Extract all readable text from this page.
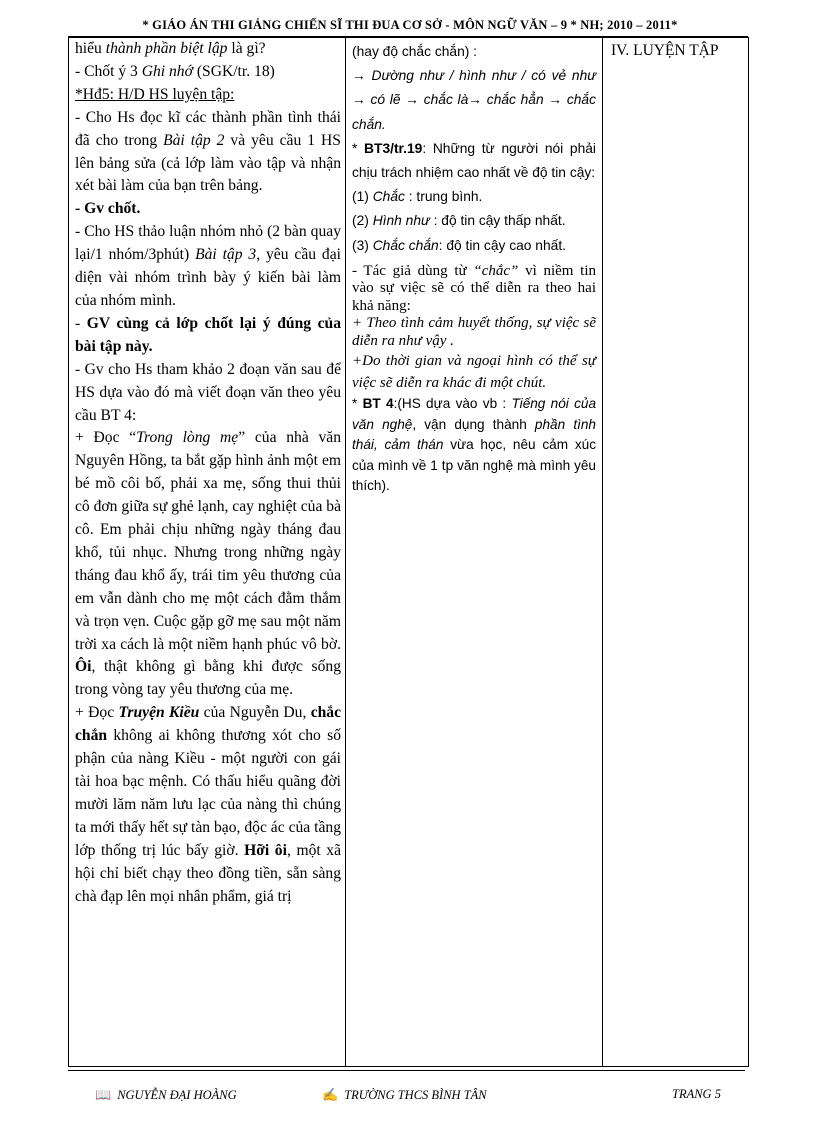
* GIÁO ÁN THI GIẢNG CHIẾN SĨ THI ĐUA CƠ SỞ - MÔN NGỮ VĂN – 9 * NH; 2010 – 2011*

hiểu thành phần biệt lập là gì?

- Chốt ý 3 Ghi nhớ (SGK/tr. 18)

*Hđ5: H/D HS luyện tập:

- Cho Hs đọc kĩ các thành phần tình thái đã cho trong Bài tập 2 và yêu cầu 1 HS lên bảng sửa (cả lớp làm vào tập và nhận xét bài làm của bạn trên bảng.

- Gv chốt.

- Cho HS thảo luận nhóm nhỏ (2 bàn quay lại/1 nhóm/3phút) Bài tập 3, yêu cầu đại diện vài nhóm trình bày ý kiến bài làm của nhóm mình.

- GV cùng cả lớp chốt lại ý đúng của bài tập này.

- Gv cho Hs tham khảo 2 đoạn văn sau để HS dựa vào đó mà viết đoạn văn theo yêu cầu BT 4:

+ Đọc “Trong lòng mẹ” của nhà văn Nguyên Hồng, ta bắt gặp hình ảnh một em bé mồ côi bố, phải xa mẹ, sống thui thủi cô đơn giữa sự ghẻ lạnh, cay nghiệt của bà cô. Em phải chịu những ngày tháng đau khổ, tủi nhục. Nhưng trong những ngày tháng đau khổ ấy, trái tim yêu thương của em vẫn dành cho mẹ một cách đằm thắm và trọn vẹn. Cuộc gặp gỡ mẹ sau một năm trời xa cách là một niềm hạnh phúc vô bờ. Ôi, thật không gì bằng khi được sống trong vòng tay yêu thương của mẹ.

+ Đọc Truyện Kiều của Nguyễn Du, chắc chắn không ai không thương xót cho số phận của nàng Kiều - một người con gái tài hoa bạc mệnh. Có thấu hiểu quãng đời mười lăm năm lưu lạc của nàng thì chúng ta mới thấy hết sự tàn bạo, độc ác của tầng lớp thống trị lúc bấy giờ. Hỡi ôi, một xã hội chỉ biết chạy theo đồng tiền, sẵn sàng chà đạp lên mọi nhân phẩm, giá trị

(hay độ chắc chắn) :

→ Dường như / hình như / có vẻ như → có lẽ → chắc là→ chắc hẳn → chắc chắn.

* BT3/tr.19: Những từ người nói phải chịu trách nhiệm cao nhất về độ tin cậy:

(1) Chắc : trung bình.

(2) Hình như : độ tin cậy thấp nhất.

(3) Chắc chắn: độ tin cậy cao nhất.

- Tác giả dùng từ “chắc” vì niềm tin vào sự việc sẽ có thể diễn ra theo hai khả năng:

+ Theo tình cảm huyết thống, sự việc sẽ diễn ra như vậy .

+Do thời gian và ngoại hình có thể sự việc sẽ diễn ra khác đi một chút.

* BT 4:(HS dựa vào vb : Tiếng nói của văn nghệ, vận dụng thành phần tình thái, cảm thán vừa học, nêu cảm xúc của mình về 1 tp văn nghệ mà mình yêu thích).

IV. LUYỆN TẬP
📖 NGUYỄN ĐẠI HOÀNG	✍ TRƯỜNG THCS BÌNH TÂN	TRANG 5
